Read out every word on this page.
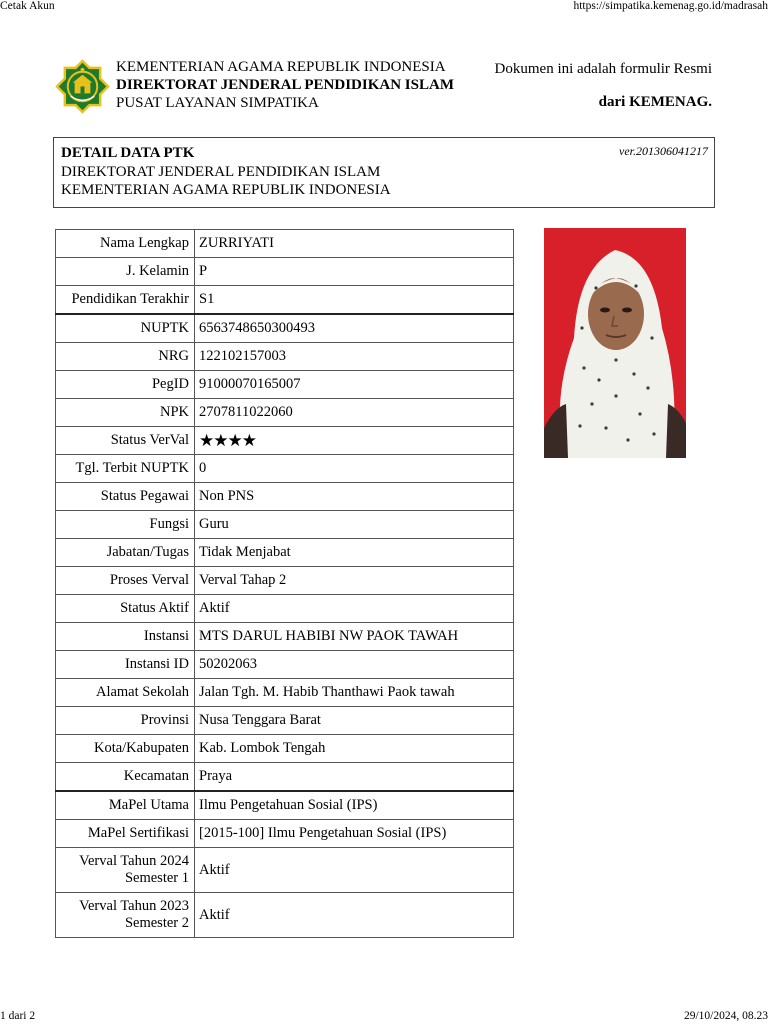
Cetak Akun	https://simpatika.kemenag.go.id/madrasah
1 dari 2	29/10/2024, 08.23
KEMENTERIAN AGAMA REPUBLIK INDONESIA
DIREKTORAT JENDERAL PENDIDIKAN ISLAM
PUSAT LAYANAN SIMPATIKA
Dokumen ini adalah formulir Resmi
dari KEMENAG.
DETAIL DATA PTK	ver.201306041217
DIREKTORAT JENDERAL PENDIDIKAN ISLAM
KEMENTERIAN AGAMA REPUBLIK INDONESIA
Nama Lengkap	ZURRIYATI
J. Kelamin	P
Pendidikan Terakhir	S1
NUPTK	6563748650300493
NRG	122102157003
PegID	91000070165007
NPK	2707811022060
Status VerVal	★★★★
Tgl. Terbit NUPTK	0
Status Pegawai	Non PNS
Fungsi	Guru
Jabatan/Tugas	Tidak Menjabat
Proses Verval	Verval Tahap 2
Status Aktif	Aktif
Instansi	MTS DARUL HABIBI NW PAOK TAWAH
Instansi ID	50202063
Alamat Sekolah	Jalan Tgh. M. Habib Thanthawi Paok tawah
Provinsi	Nusa Tenggara Barat
Kota/Kabupaten	Kab. Lombok Tengah
Kecamatan	Praya
MaPel Utama	Ilmu Pengetahuan Sosial (IPS)
MaPel Sertifikasi	[2015-100] Ilmu Pengetahuan Sosial (IPS)

Verval Tahun 2024
Semester 1	Aktif

Verval Tahun 2023
Semester 2	Aktif
